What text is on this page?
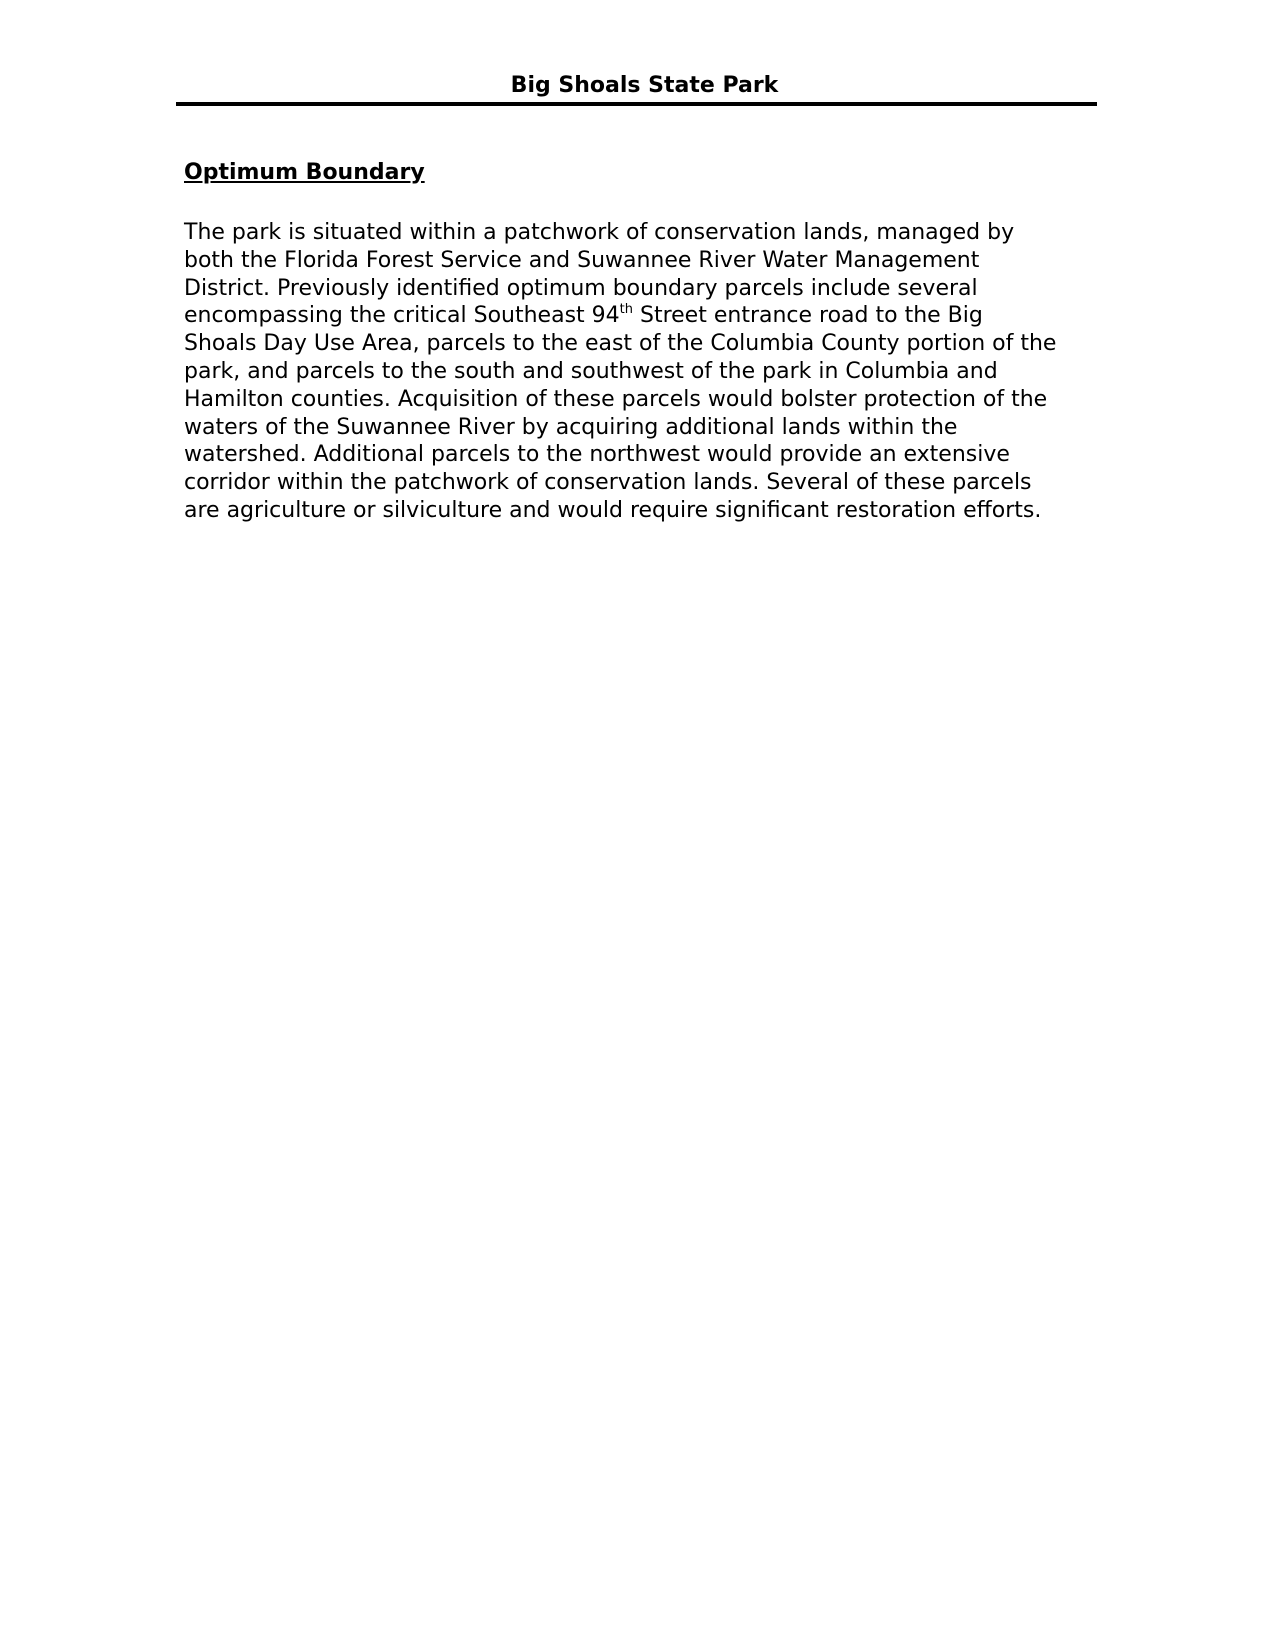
Big Shoals State Park
Optimum Boundary

The park is situated within a patchwork of conservation lands, managed by
both the Florida Forest Service and Suwannee River Water Management
District. Previously identified optimum boundary parcels include several
encompassing the critical Southeast 94th Street entrance road to the Big
Shoals Day Use Area, parcels to the east of the Columbia County portion of the
park, and parcels to the south and southwest of the park in Columbia and
Hamilton counties. Acquisition of these parcels would bolster protection of the
waters of the Suwannee River by acquiring additional lands within the
watershed. Additional parcels to the northwest would provide an extensive
corridor within the patchwork of conservation lands. Several of these parcels
are agriculture or silviculture and would require significant restoration efforts.
